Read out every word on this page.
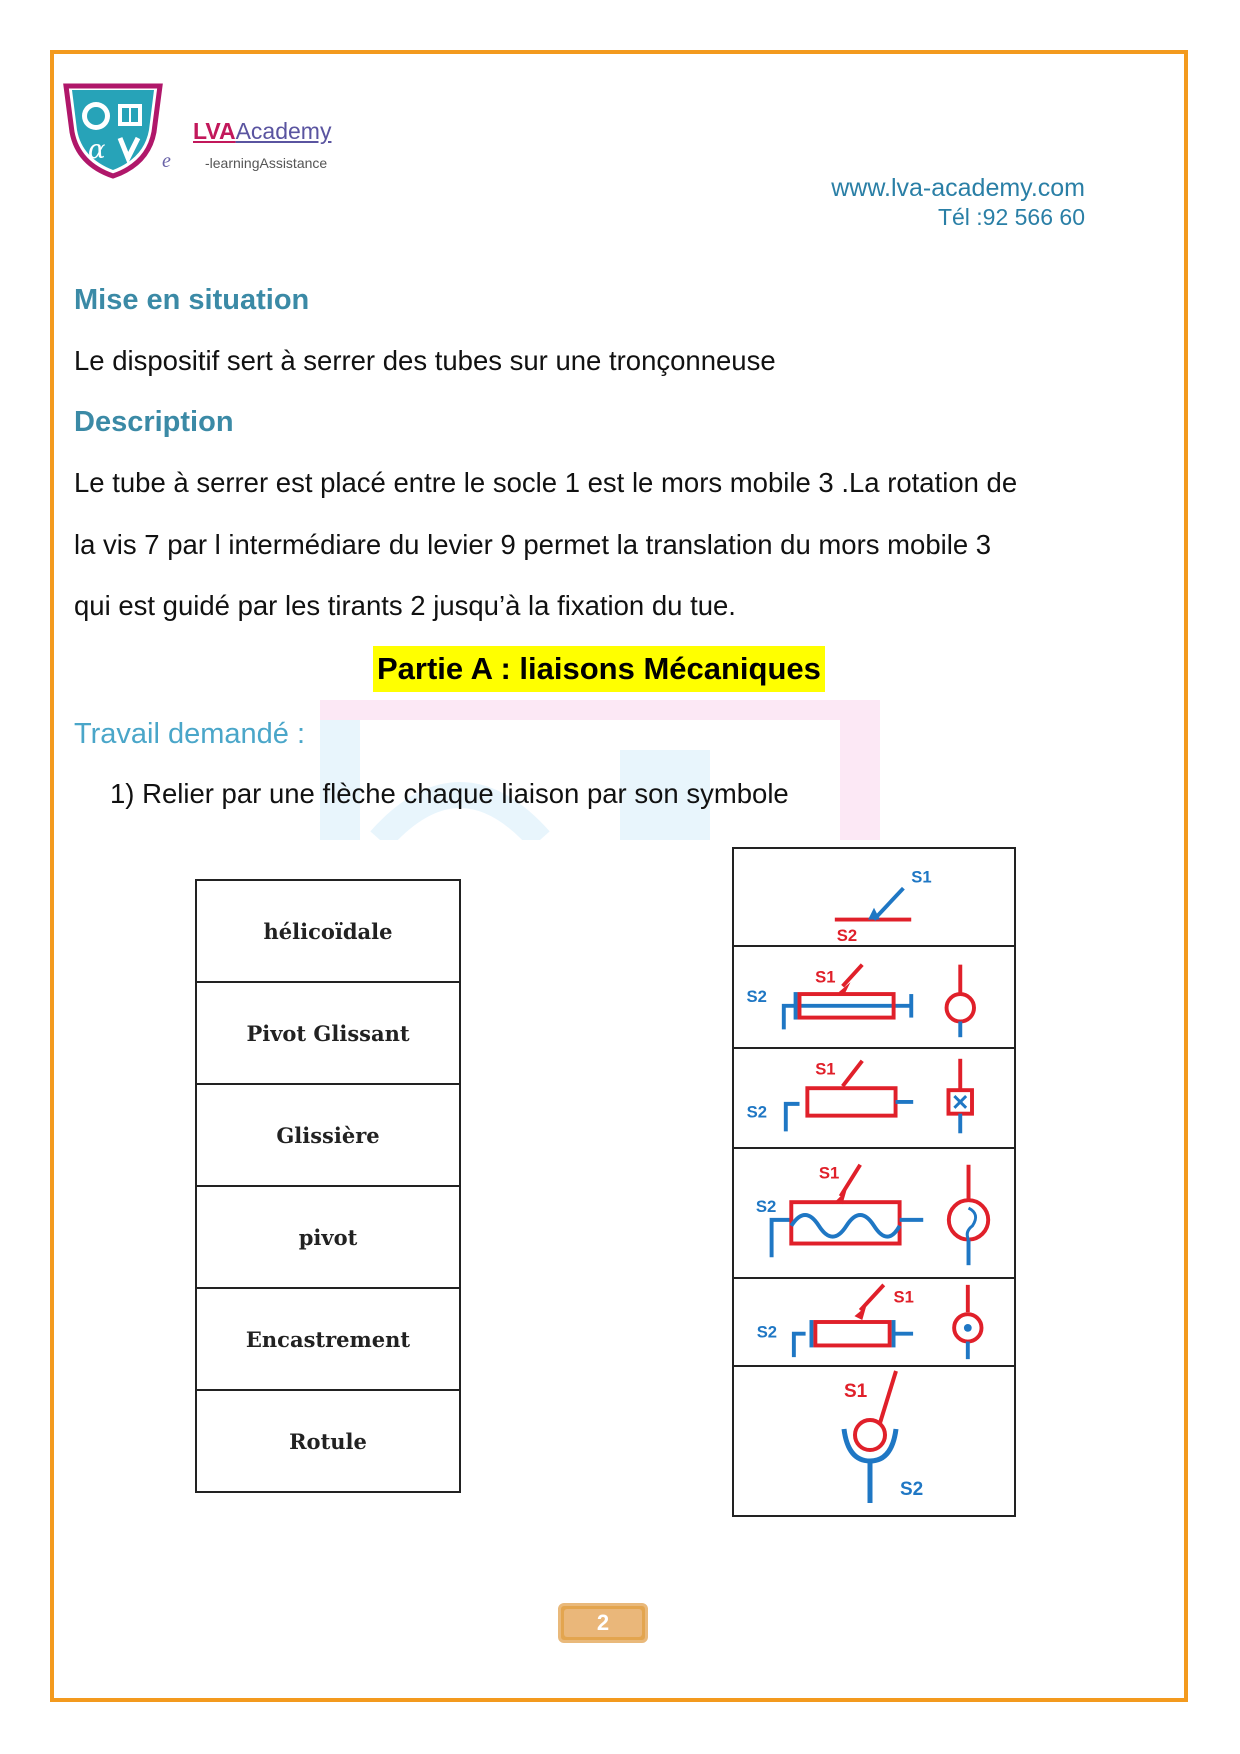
α
LVAAcademy
e -learningAssistance
www.lva-academy.com
Tél :92 566 60
Mise en situation
Le dispositif sert à serrer des tubes sur une tronçonneuse
Description
Le tube à serrer est placé entre le socle 1 est le mors mobile 3 .La rotation de
la vis 7 par l intermédiare du levier 9 permet la translation du mors mobile 3
qui est guidé par les tirants 2 jusqu’à la fixation du tue.
Partie A : liaisons Mécaniques
Travail demandé :
1) Relier par une flèche chaque liaison par son symbole
hélicoïdale
Pivot Glissant
Glissière
pivot
Encastrement
Rotule
S1
S2
S1
S2
S1
S2
S1
S2
S1
S2
S1
S2
2
